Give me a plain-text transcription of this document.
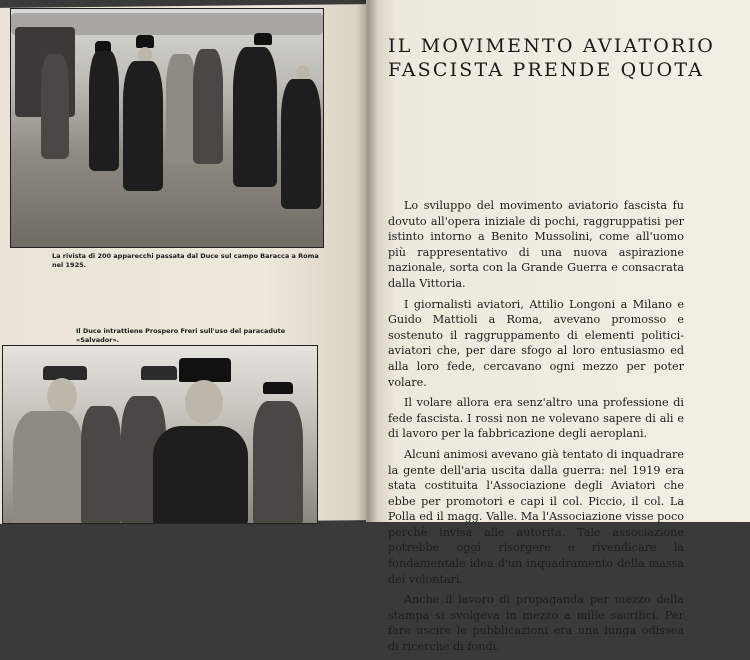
La rivista di 200 apparecchi passata dal Duce sul campo Baracca a Roma nel 1925.
Il Duce intrattiene Prospero Freri sull'uso del paracadute «Salvador».
IL MOVIMENTO AVIATORIO
FASCISTA PRENDE QUOTA

Lo sviluppo del movimento aviatorio fascista fu dovuto all'opera iniziale di pochi, raggruppatisi per istinto intorno a Benito Mussolini, come all'uomo più rappresentativo di una nuova aspirazione nazionale, sorta con la Grande Guerra e consacrata dalla Vittoria.

I giornalisti aviatori, Attilio Longoni a Milano e Guido Mattioli a Roma, avevano promosso e sostenuto il raggruppamento di elementi politici-aviatori che, per dare sfogo al loro entusiasmo ed alla loro fede, cercavano ogni mezzo per poter volare.

Il volare allora era senz'altro una professione di fede fascista. I rossi non ne volevano sapere di ali e di lavoro per la fabbricazione degli aeroplani.

Alcuni animosi avevano già tentato di inquadrare la gente dell'aria uscita dalla guerra: nel 1919 era stata costituita l'Associazione degli Aviatori che ebbe per promotori e capi il col. Piccio, il col. La Polla ed il magg. Valle. Ma l'Associazione visse poco perchè invisa alle autorità. Tale associazione potrebbe oggi risorgere e rivendicare la fondamentale idea d'un inquadramento della massa dei volontari.

Anche il lavoro di propaganda per mezzo della stampa si svolgeva in mezzo a mille sacrifici. Per fare uscire le pubblicazioni era una lunga odissea di ricerche di fondi.
